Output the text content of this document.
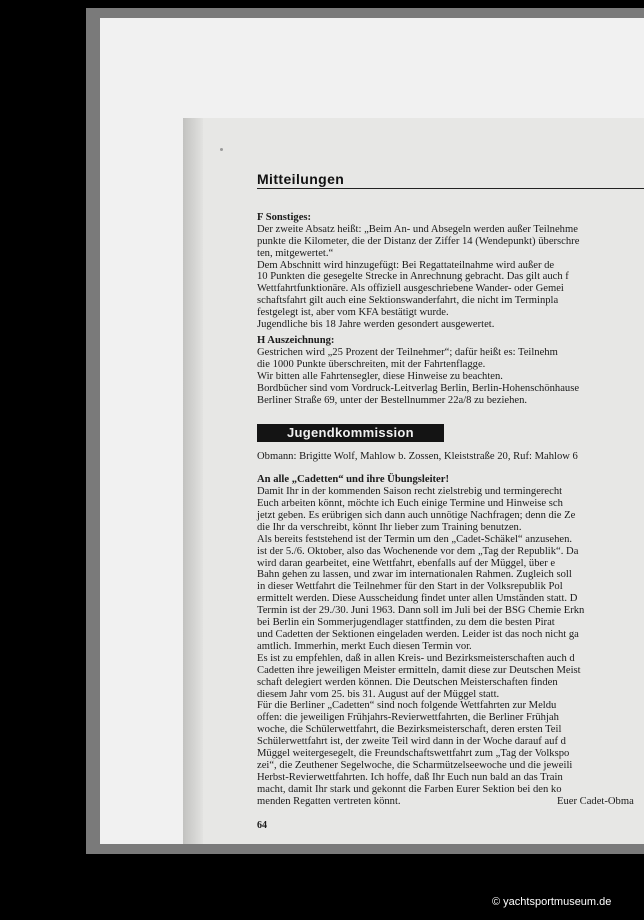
Mitteilungen
F Sonstiges:
Der zweite Absatz heißt: „Beim An- und Absegeln werden außer Teilnehme
punkte die Kilometer, die der Distanz der Ziffer 14 (Wendepunkt) überschre
ten, mitgewertet.“
Dem Abschnitt wird hinzugefügt: Bei Regattateilnahme wird außer de
10 Punkten die gesegelte Strecke in Anrechnung gebracht. Das gilt auch f
Wettfahrtfunktionäre. Als offiziell ausgeschriebene Wander- oder Gemei
schaftsfahrt gilt auch eine Sektionswanderfahrt, die nicht im Terminpla
festgelegt ist, aber vom KFA bestätigt wurde.
Jugendliche bis 18 Jahre werden gesondert ausgewertet.
H Auszeichnung:
Gestrichen wird „25 Prozent der Teilnehmer“; dafür heißt es: Teilnehm
die 1000 Punkte überschreiten, mit der Fahrtenflagge.
Wir bitten alle Fahrtensegler, diese Hinweise zu beachten.
Bordbücher sind vom Vordruck-Leitverlag Berlin, Berlin-Hohenschönhause
Berliner Straße 69, unter der Bestellnummer 22a/8 zu beziehen.
Jugendkommission
Obmann: Brigitte Wolf, Mahlow b. Zossen, Kleiststraße 20, Ruf: Mahlow 6
An alle „Cadetten“ und ihre Übungsleiter!
Damit Ihr in der kommenden Saison recht zielstrebig und termingerecht
Euch arbeiten könnt, möchte ich Euch einige Termine und Hinweise sch
jetzt geben. Es erübrigen sich dann auch unnötige Nachfragen; denn die Ze
die Ihr da verschreibt, könnt Ihr lieber zum Training benutzen.
Als bereits feststehend ist der Termin um den „Cadet-Schäkel“ anzusehen.
ist der 5./6. Oktober, also das Wochenende vor dem „Tag der Republik“. Da
wird daran gearbeitet, eine Wettfahrt, ebenfalls auf der Müggel, über e
Bahn gehen zu lassen, und zwar im internationalen Rahmen. Zugleich soll
in dieser Wettfahrt die Teilnehmer für den Start in der Volksrepublik Pol
ermittelt werden. Diese Ausscheidung findet unter allen Umständen statt. D
Termin ist der 29./30. Juni 1963. Dann soll im Juli bei der BSG Chemie Erkn
bei Berlin ein Sommerjugendlager stattfinden, zu dem die besten Pirat
und Cadetten der Sektionen eingeladen werden. Leider ist das noch nicht ga
amtlich. Immerhin, merkt Euch diesen Termin vor.
Es ist zu empfehlen, daß in allen Kreis- und Bezirksmeisterschaften auch d
Cadetten ihre jeweiligen Meister ermitteln, damit diese zur Deutschen Meist
schaft delegiert werden können. Die Deutschen Meisterschaften finden
diesem Jahr vom 25. bis 31. August auf der Müggel statt.
Für die Berliner „Cadetten“ sind noch folgende Wettfahrten zur Meldu
offen: die jeweiligen Frühjahrs-Revierwettfahrten, die Berliner Frühjah
woche, die Schülerwettfahrt, die Bezirksmeisterschaft, deren ersten Teil
Schülerwettfahrt ist, der zweite Teil wird dann in der Woche darauf auf d
Müggel weitergesegelt, die Freundschaftswettfahrt zum „Tag der Volkspo
zei“, die Zeuthener Segelwoche, die Scharmützelseewoche und die jeweili
Herbst-Revierwettfahrten. Ich hoffe, daß Ihr Euch nun bald an das Train
macht, damit Ihr stark und gekonnt die Farben Eurer Sektion bei den ko
menden Regatten vertreten könnt.	Euer Cadet-Obma
64
© yachtsportmuseum.de
